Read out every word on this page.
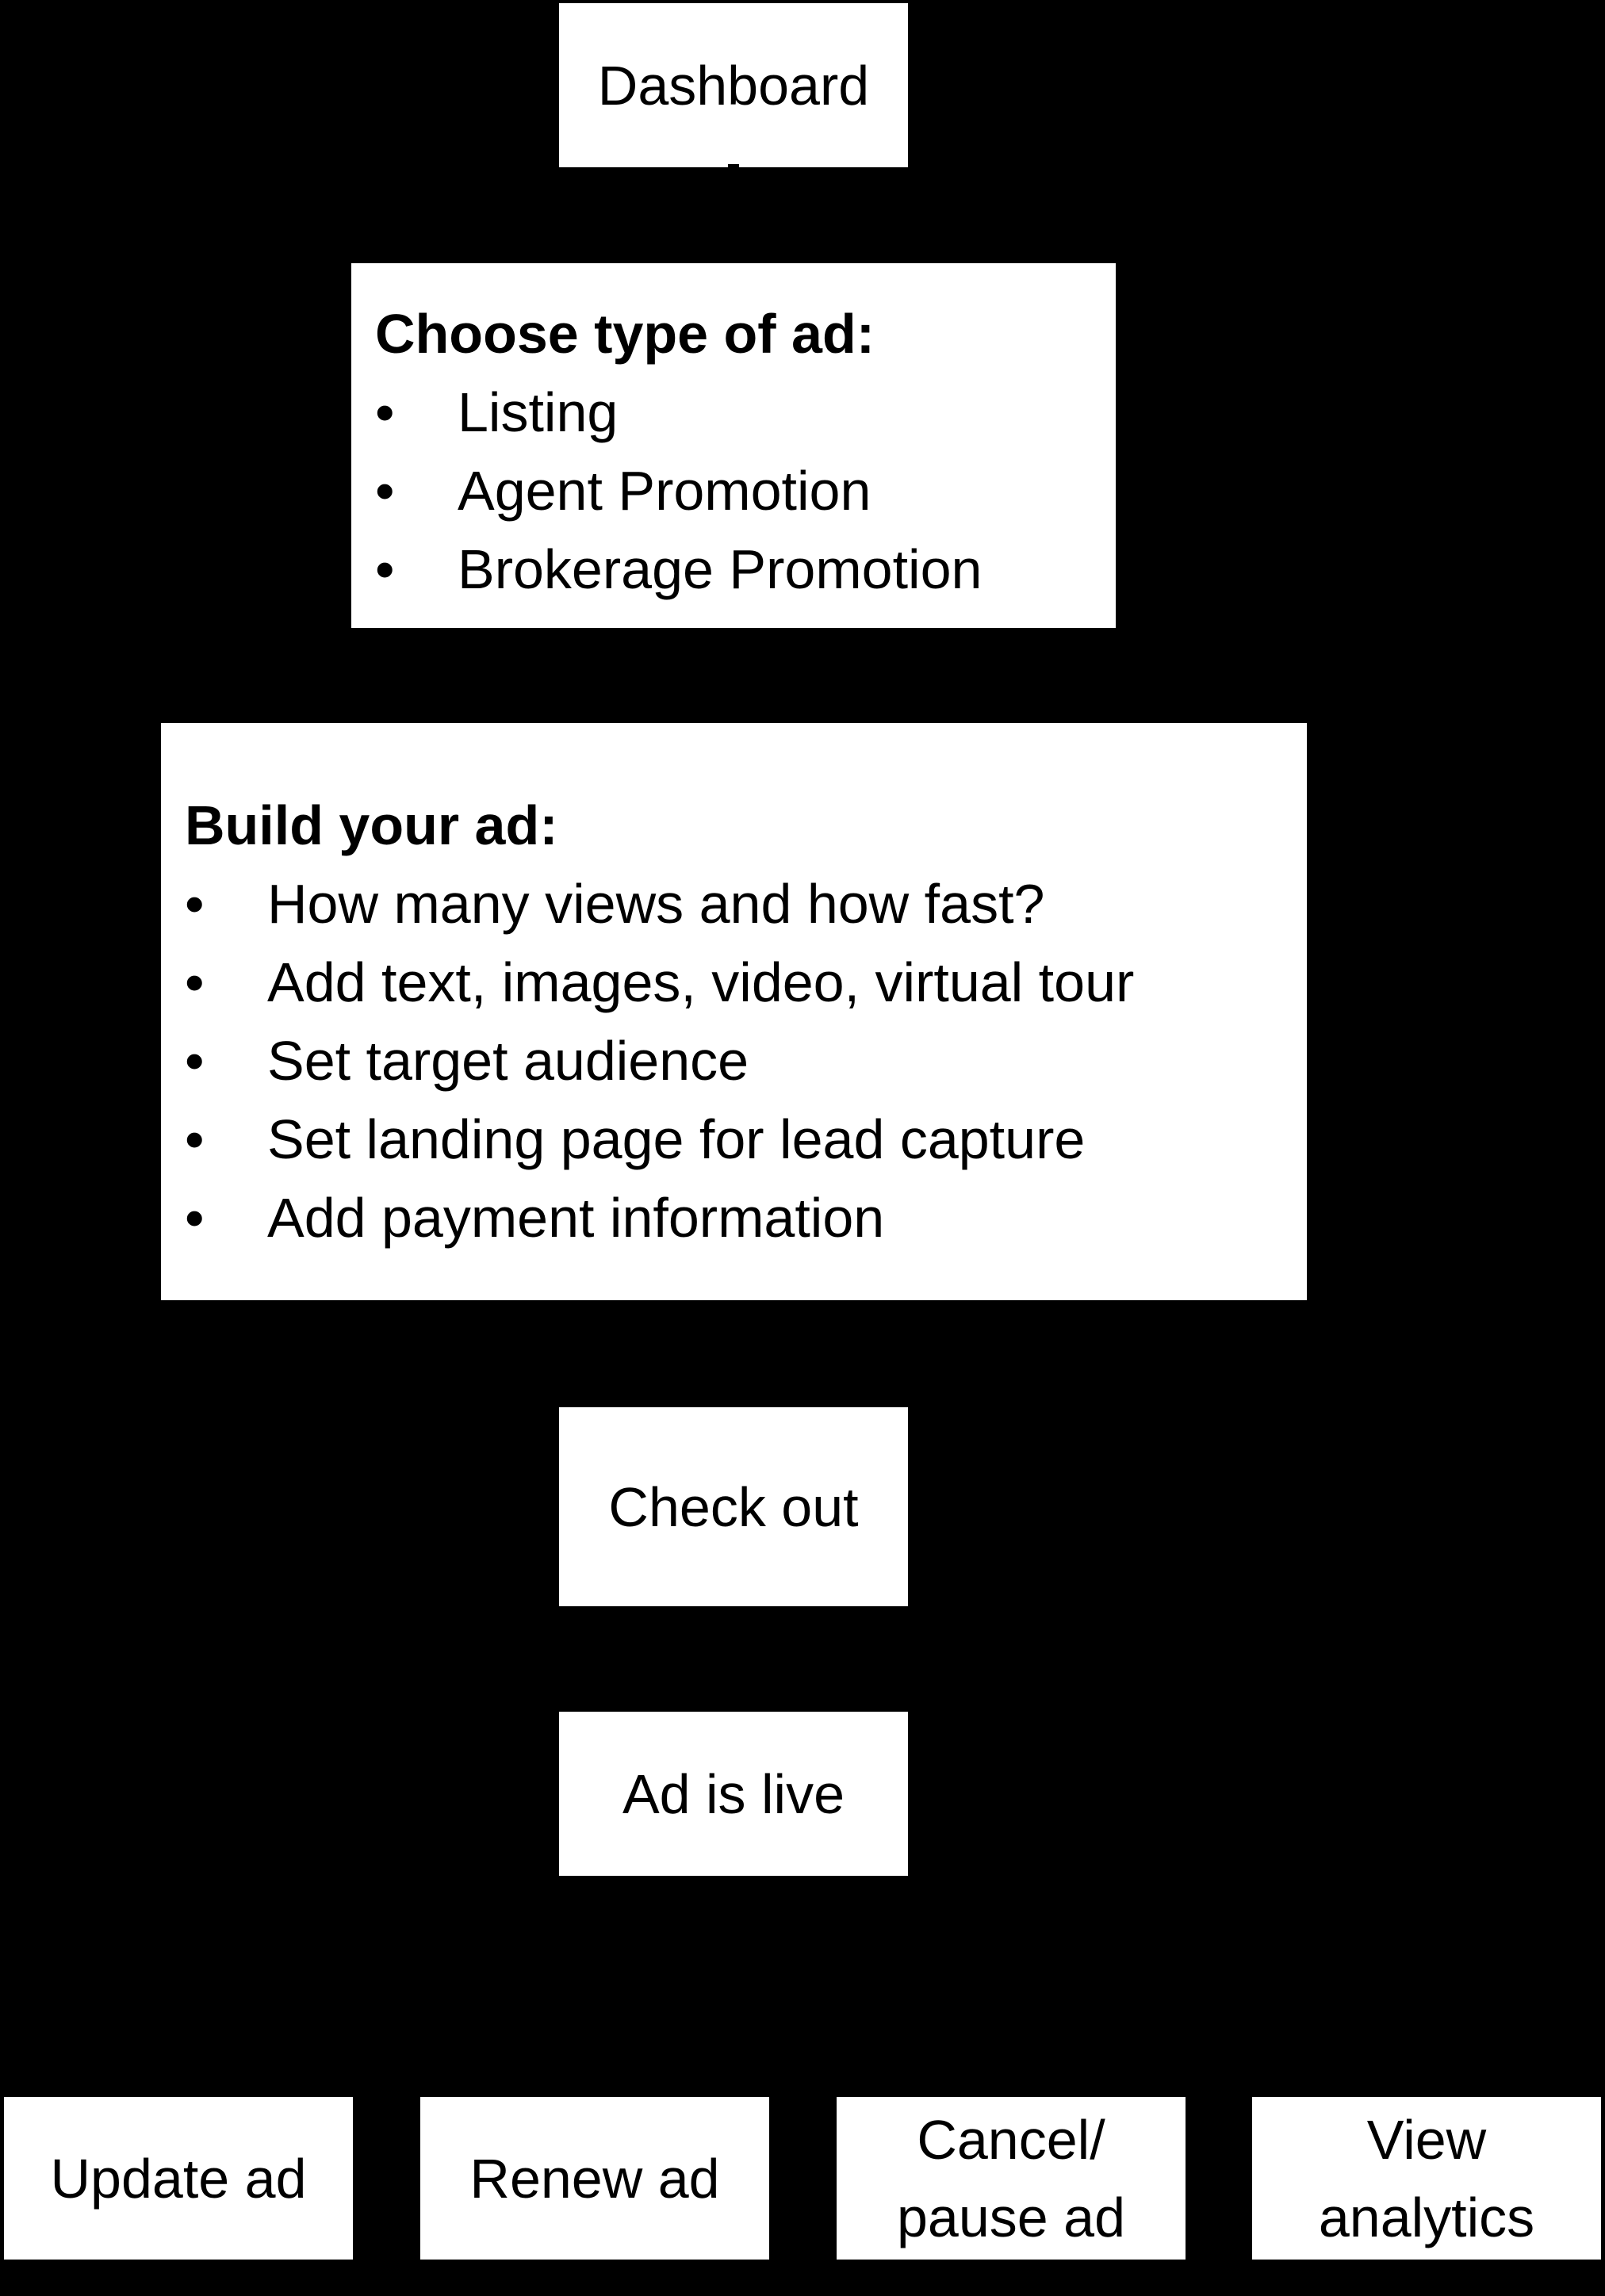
Dashboard

Choose type of ad:

• Listing
• Agent Promotion
• Brokerage Promotion

Build your ad:

• How many views and how fast?
• Add text, images, video, virtual tour
• Set target audience
• Set landing page for lead capture
• Add payment information
Check out
Ad is live
Update ad	Renew ad
Cancel/
pause ad
View
analytics
